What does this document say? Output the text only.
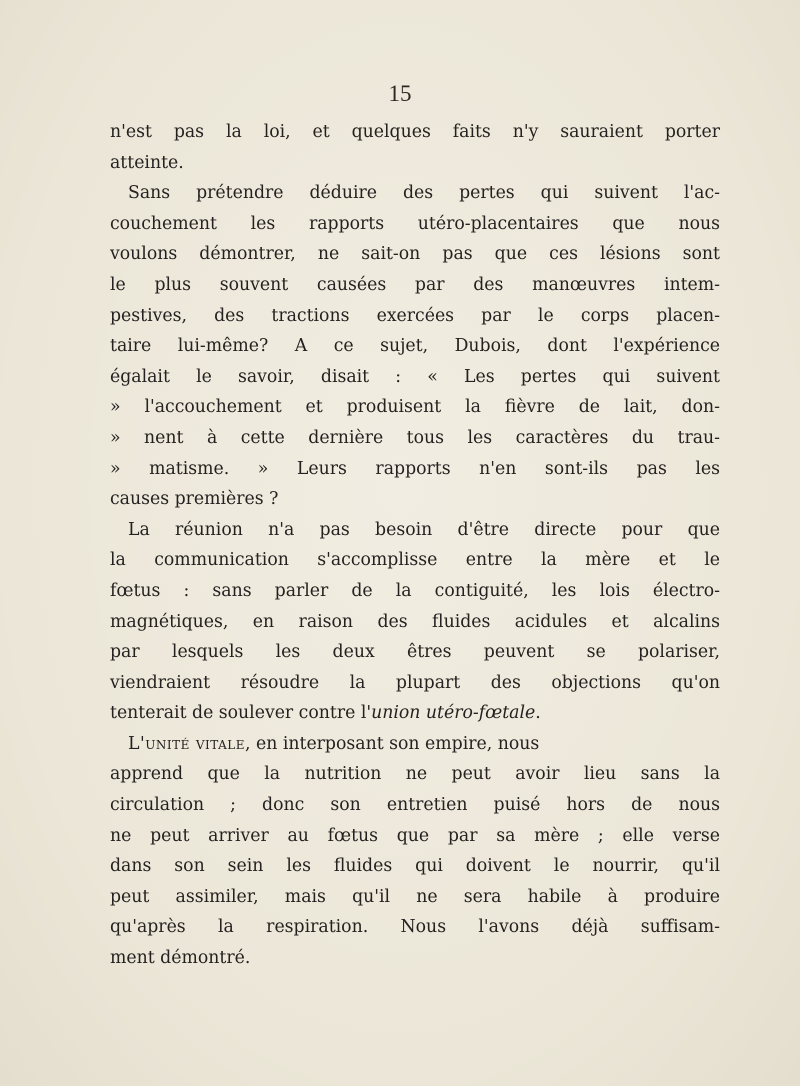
15
n'est pas la loi, et quelques faits n'y sauraient porter
atteinte.
Sans prétendre déduire des pertes qui suivent l'ac-
couchement les rapports utéro-placentaires que nous
voulons démontrer, ne sait-on pas que ces lésions sont
le plus souvent causées par des manœuvres intem-
pestives, des tractions exercées par le corps placen-
taire lui-même? A ce sujet, Dubois, dont l'expérience
égalait le savoir, disait : « Les pertes qui suivent
» l'accouchement et produisent la fièvre de lait, don-
» nent à cette dernière tous les caractères du trau-
» matisme. » Leurs rapports n'en sont-ils pas les
causes premières ?
La réunion n'a pas besoin d'être directe pour que
la communication s'accomplisse entre la mère et le
fœtus : sans parler de la contiguité, les lois électro-
magnétiques, en raison des fluides acidules et alcalins
par lesquels les deux êtres peuvent se polariser,
viendraient résoudre la plupart des objections qu'on
tenterait de soulever contre l'union utéro-fœtale.
L'unité vitale, en interposant son empire, nous
apprend que la nutrition ne peut avoir lieu sans la
circulation ; donc son entretien puisé hors de nous
ne peut arriver au fœtus que par sa mère ; elle verse
dans son sein les fluides qui doivent le nourrir, qu'il
peut assimiler, mais qu'il ne sera habile à produire
qu'après la respiration. Nous l'avons déjà suffisam-
ment démontré.
